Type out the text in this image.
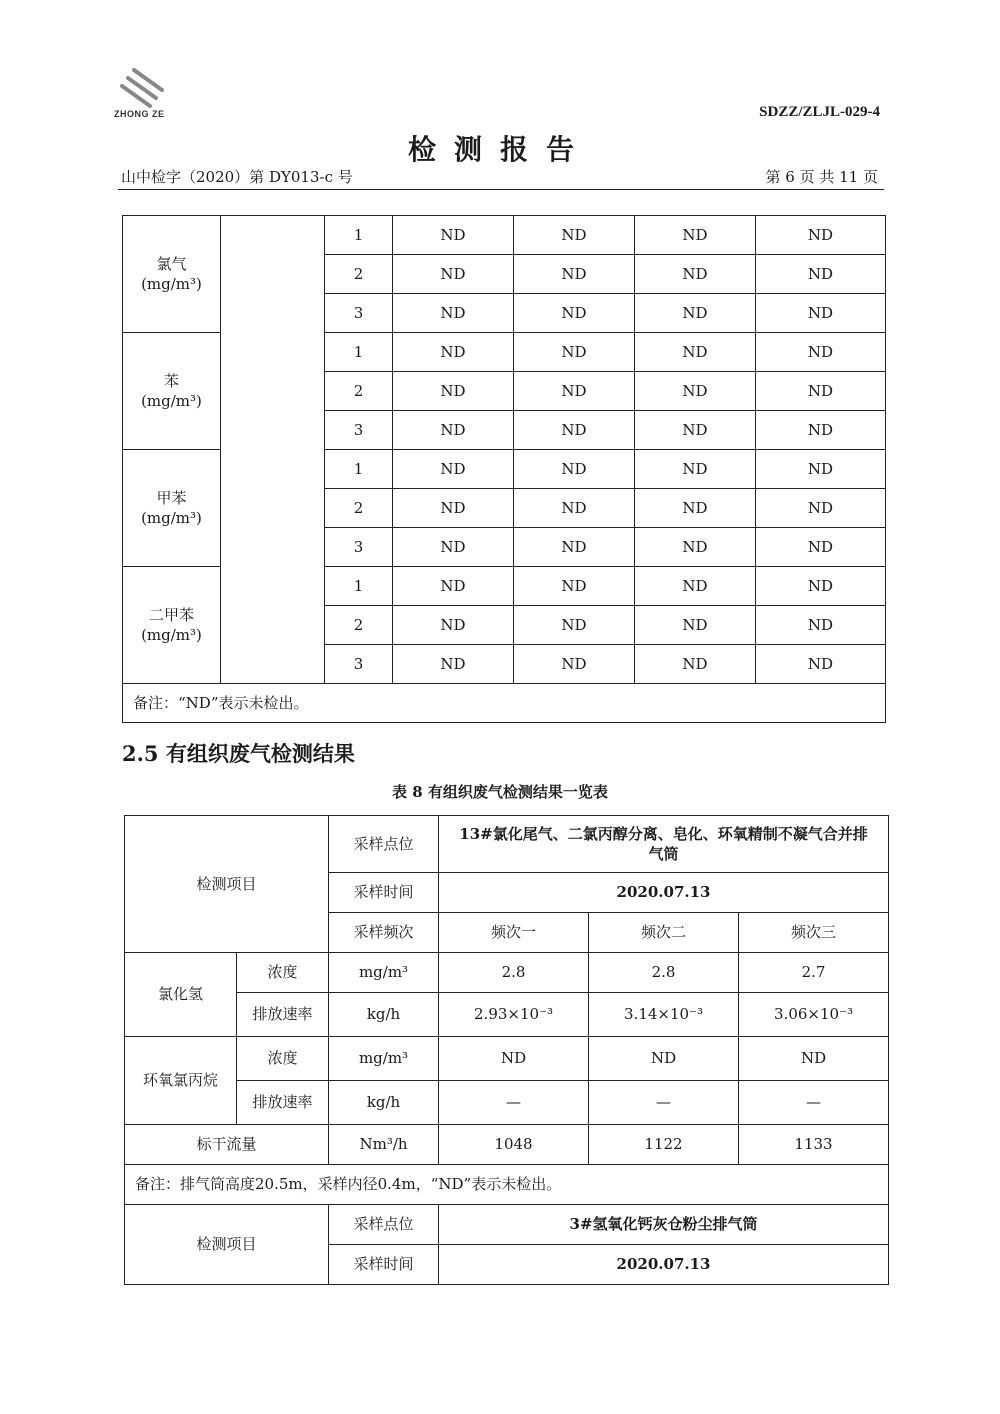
ZHONG ZE	SDZZ/ZLJL-029-4
检测报告
山中检字（2020）第 DY013-c 号	第 6 页 共 11 页
氯气
(mg/m³)		1	ND	ND	ND	ND
		2	ND	ND	ND	ND
		3	ND	ND	ND	ND
苯
(mg/m³)		1	ND	ND	ND	ND
		2	ND	ND	ND	ND
		3	ND	ND	ND	ND
甲苯
(mg/m³)		1	ND	ND	ND	ND
		2	ND	ND	ND	ND
		3	ND	ND	ND	ND
二甲苯
(mg/m³)		1	ND	ND	ND	ND
		2	ND	ND	ND	ND
		3	ND	ND	ND	ND
备注：“ND”表示未检出。						
2.5 有组织废气检测结果
表 8 有组织废气检测结果一览表
检测项目		采样点位	13#氯化尾气、二氯丙醇分离、皂化、环氧精制不凝气合并排气筒		
		采样时间	2020.07.13		
		采样频次	频次一	频次二	频次三
氯化氢	浓度	mg/m³	2.8	2.8	2.7
	排放速率	kg/h	2.93×10⁻³	3.14×10⁻³	3.06×10⁻³
环氧氯丙烷	浓度	mg/m³	ND	ND	ND
	排放速率	kg/h	—	—	—
标干流量		Nm³/h	1048	1122	1133
备注：排气筒高度20.5m，采样内径0.4m，“ND”表示未检出。					
检测项目		采样点位	3#氢氧化钙灰仓粉尘排气筒		
		采样时间	2020.07.13		
